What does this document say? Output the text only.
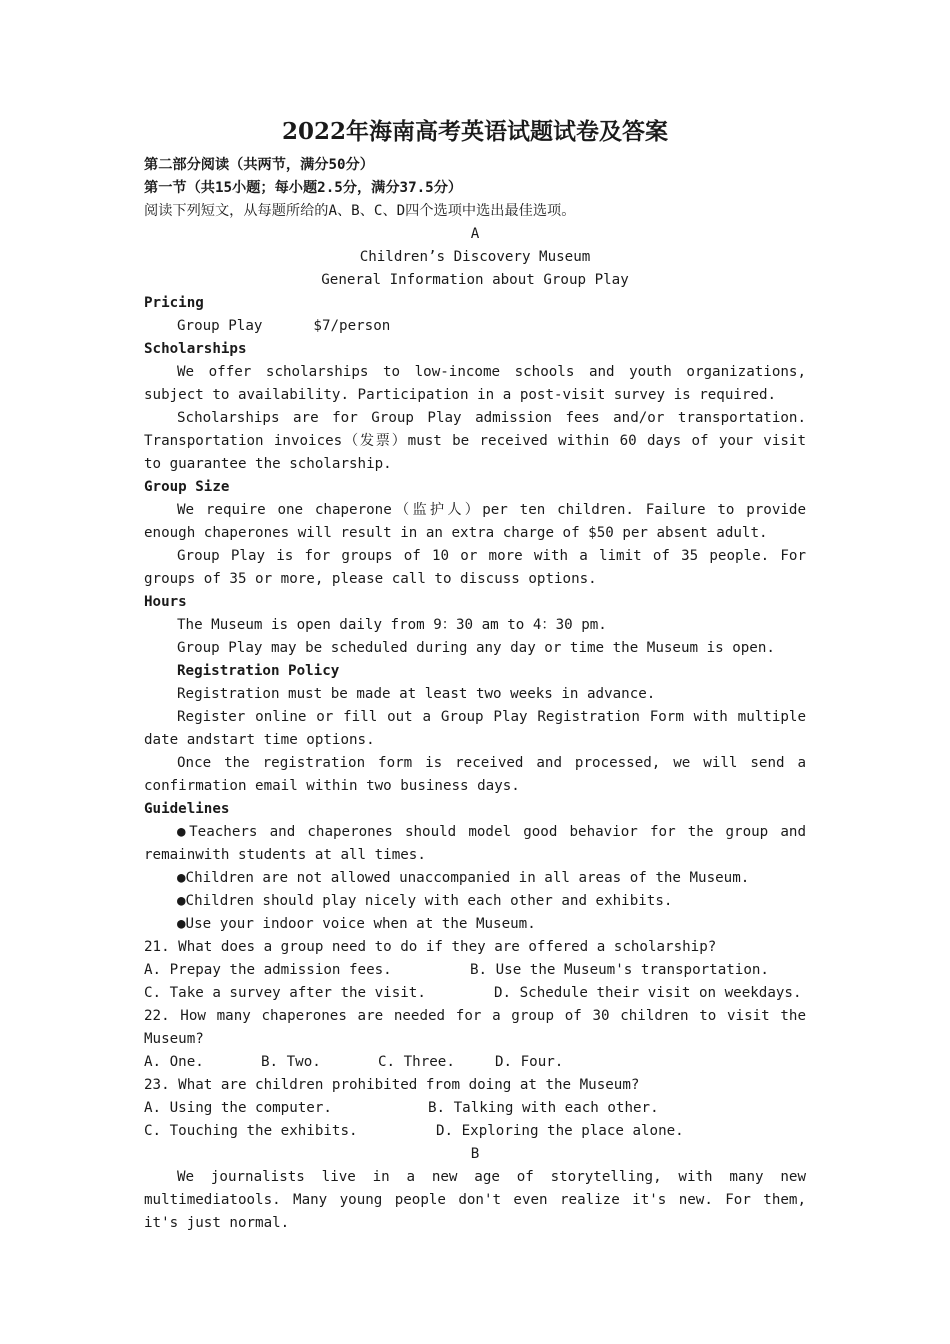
2022年海南高考英语试题试卷及答案

第二部分阅读（共两节，满分50分）

第一节（共15小题；每小题2.5分，满分37.5分）

阅读下列短文，从每题所给的A、B、C、D四个选项中选出最佳选项。

A

Children’s Discovery Museum

General Information about Group Play

Pricing

Group Play	$7/person

Scholarships

We offer scholarships to low-income schools and youth organizations, subject to availability. Participation in a post-visit survey is required.

Scholarships are for Group Play admission fees and/or transportation. Transportation invoices（发票）must be received within 60 days of your visit to guarantee the scholarship.

Group Size

We require one chaperone（监护人）per ten children. Failure to provide enough chaperones will result in an extra charge of $50 per absent adult.

Group Play is for groups of 10 or more with a limit of 35 people. For groups of 35 or more, please call to discuss options.

Hours

The Museum is open daily from 9：30 am to 4：30 pm.

Group Play may be scheduled during any day or time the Museum is open.

Registration Policy

Registration must be made at least two weeks in advance.

Register online or fill out a Group Play Registration Form with multiple date andstart time options.

Once the registration form is received and processed, we will send a confirmation email within two business days.

Guidelines

●Teachers and chaperones should model good behavior for the group and remainwith students at all times.

●Children are not allowed unaccompanied in all areas of the Museum.

●Children should play nicely with each other and exhibits.

●Use your indoor voice when at the Museum.

21. What does a group need to do if they are offered a scholarship?

A. Prepay the admission fees.	B. Use the Museum's transportation.
C. Take a survey after the visit.	D. Schedule their visit on weekdays.

22. How many chaperones are needed for a group of 30 children to visit the Museum?

A. One.	B. Two.	C. Three.	D. Four.

23. What are children prohibited from doing at the Museum?

A. Using the computer.	B. Talking with each other.
C. Touching the exhibits.	D. Exploring the place alone.

B

We journalists live in a new age of storytelling, with many new multimediatools. Many young people don't even realize it's new. For them, it's just normal.
